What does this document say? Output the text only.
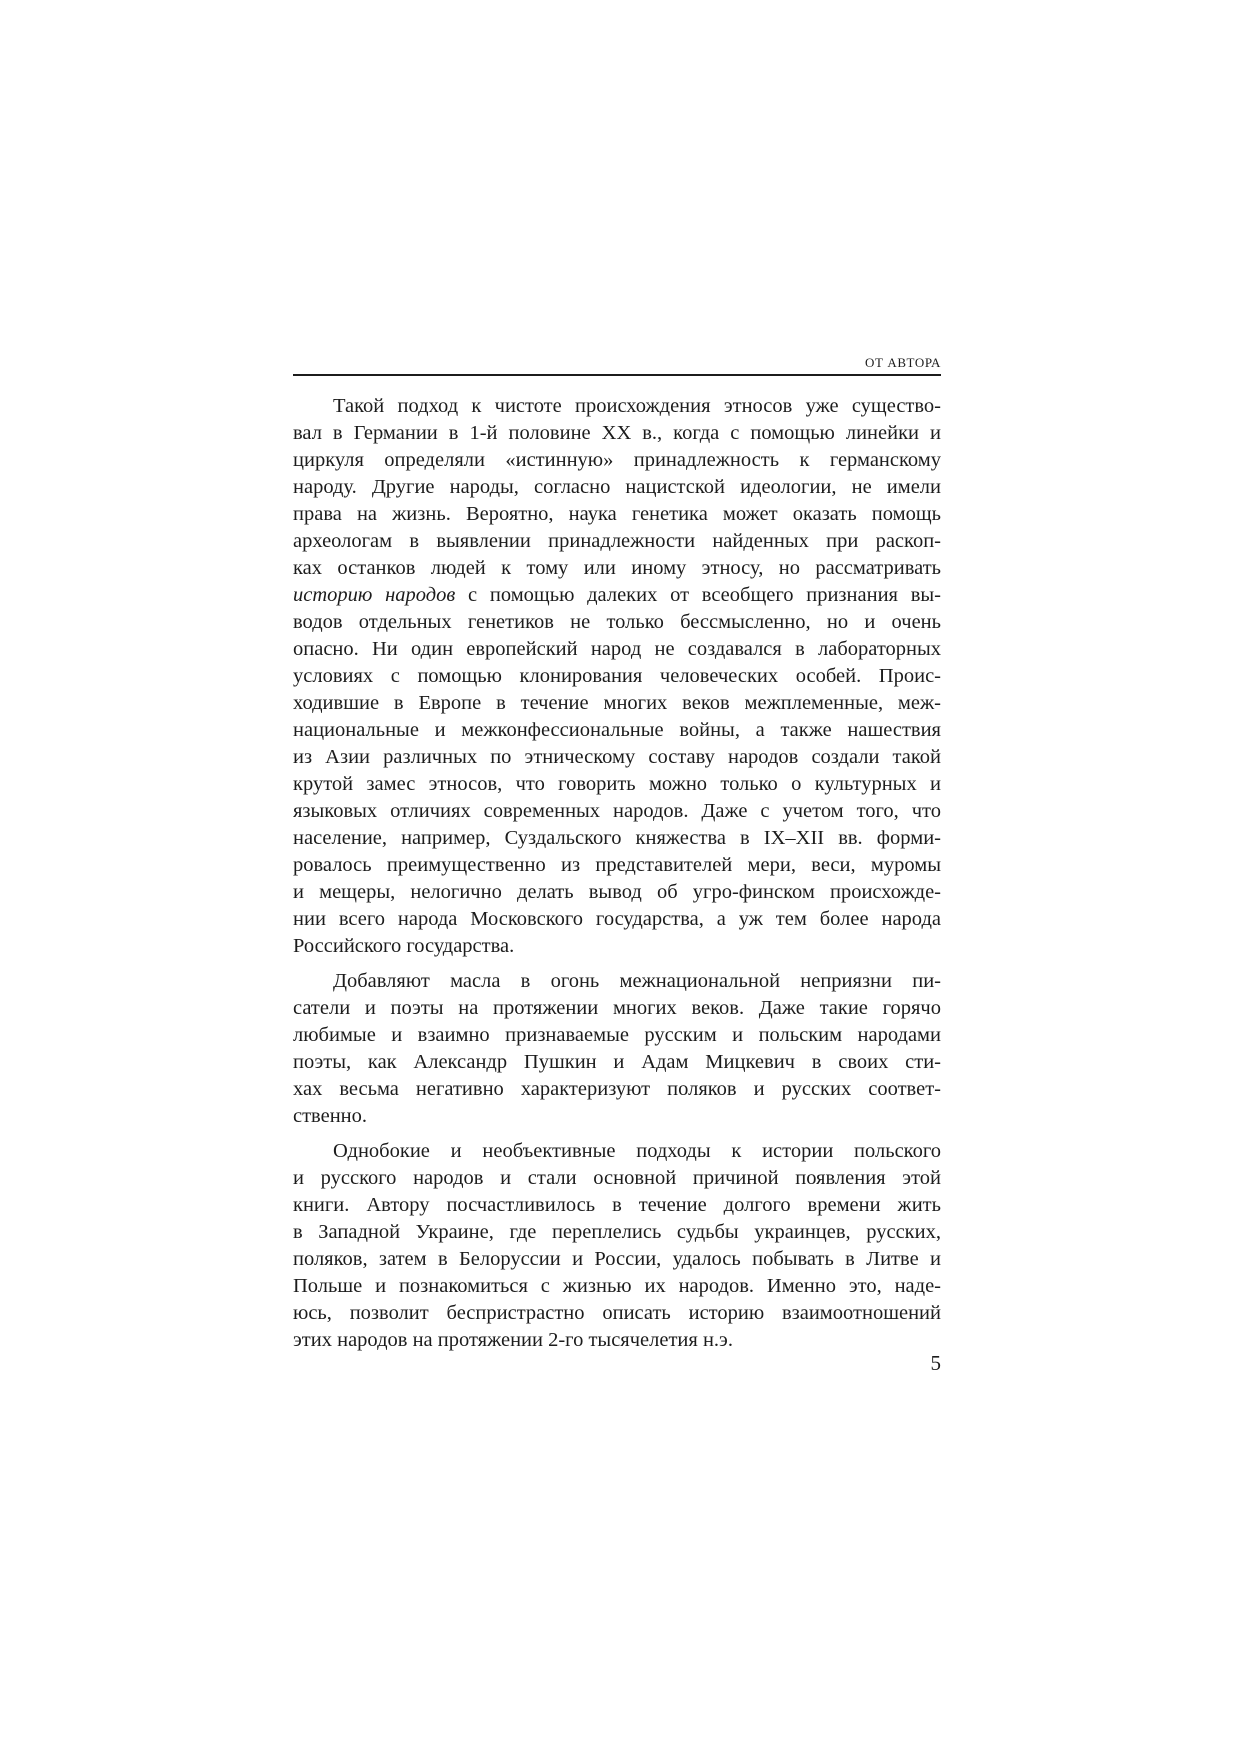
ОТ АВТОРА
Такой подход к чистоте происхождения этносов уже существо-
вал в Германии в 1-й половине XX в., когда с помощью линейки и
циркуля определяли «истинную» принадлежность к германскому
народу. Другие народы, согласно нацистской идеологии, не имели
права на жизнь. Вероятно, наука генетика может оказать помощь
археологам в выявлении принадлежности найденных при раскоп-
ках останков людей к тому или иному этносу, но рассматривать
историю народов с помощью далеких от всеобщего признания вы-
водов отдельных генетиков не только бессмысленно, но и очень
опасно. Ни один европейский народ не создавался в лабораторных
условиях с помощью клонирования человеческих особей. Проис-
ходившие в Европе в течение многих веков межплеменные, меж-
национальные и межконфессиональные войны, а также нашествия
из Азии различных по этническому составу народов создали такой
крутой замес этносов, что говорить можно только о культурных и
языковых отличиях современных народов. Даже с учетом того, что
население, например, Суздальского княжества в IX–XII вв. форми-
ровалось преимущественно из представителей мери, веси, муромы
и мещеры, нелогично делать вывод об угро-финском происхожде-
нии всего народа Московского государства, а уж тем более народа
Российского государства.
Добавляют масла в огонь межнациональной неприязни пи-
сатели и поэты на протяжении многих веков. Даже такие горячо
любимые и взаимно признаваемые русским и польским народами
поэты, как Александр Пушкин и Адам Мицкевич в своих сти-
хах весьма негативно характеризуют поляков и русских соответ-
ственно.
Однобокие и необъективные подходы к истории польского
и русского народов и стали основной причиной появления этой
книги. Автору посчастливилось в течение долгого времени жить
в Западной Украине, где переплелись судьбы украинцев, русских,
поляков, затем в Белоруссии и России, удалось побывать в Литве и
Польше и познакомиться с жизнью их народов. Именно это, наде-
юсь, позволит беспристрастно описать историю взаимоотношений
этих народов на протяжении 2-го тысячелетия н.э.
5
